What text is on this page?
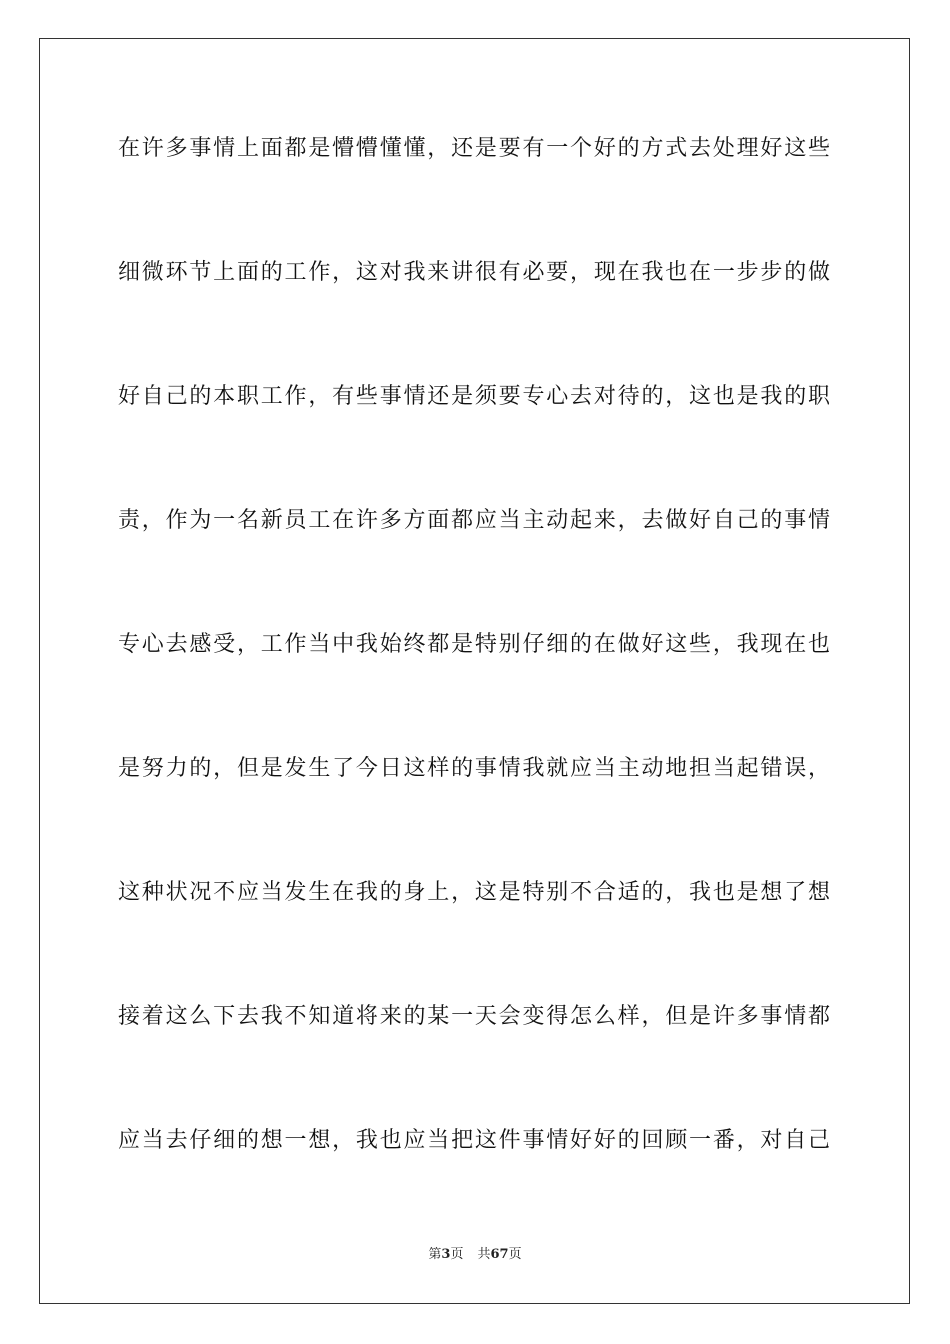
在许多事情上面都是懵懵懂懂，还是要有一个好的方式去处理好这些
细微环节上面的工作，这对我来讲很有必要，现在我也在一步步的做
好自己的本职工作，有些事情还是须要专心去对待的，这也是我的职
责，作为一名新员工在许多方面都应当主动起来，去做好自己的事情
专心去感受，工作当中我始终都是特别仔细的在做好这些，我现在也
是努力的，但是发生了今日这样的事情我就应当主动地担当起错误，
这种状况不应当发生在我的身上，这是特别不合适的，我也是想了想
接着这么下去我不知道将来的某一天会变得怎么样，但是许多事情都
应当去仔细的想一想，我也应当把这件事情好好的回顾一番，对自己
第3页 共67页
